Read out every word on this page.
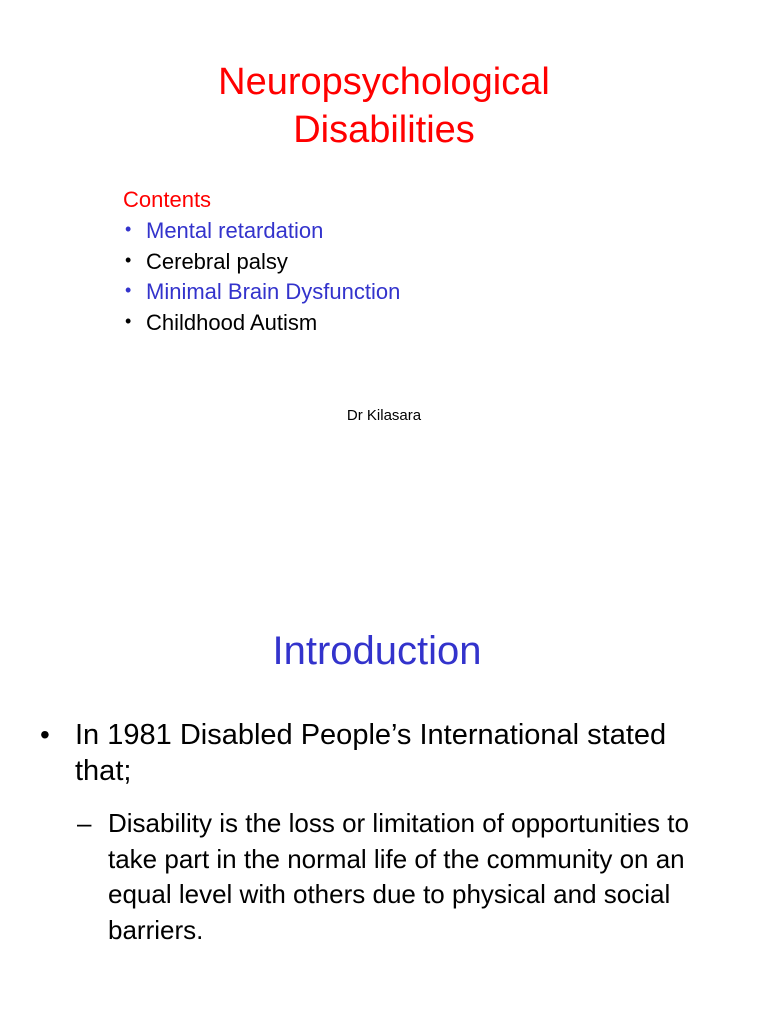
Neuropsychological
Disabilities

Contents

• Mental retardation
• Cerebral palsy
• Minimal Brain Dysfunction
• Childhood Autism
Dr Kilasara
Introduction
• In 1981 Disabled People’s International stated that;

– Disability is the loss or limitation of opportunities to take part in the normal life of the community on an equal level with others due to physical and social barriers.
